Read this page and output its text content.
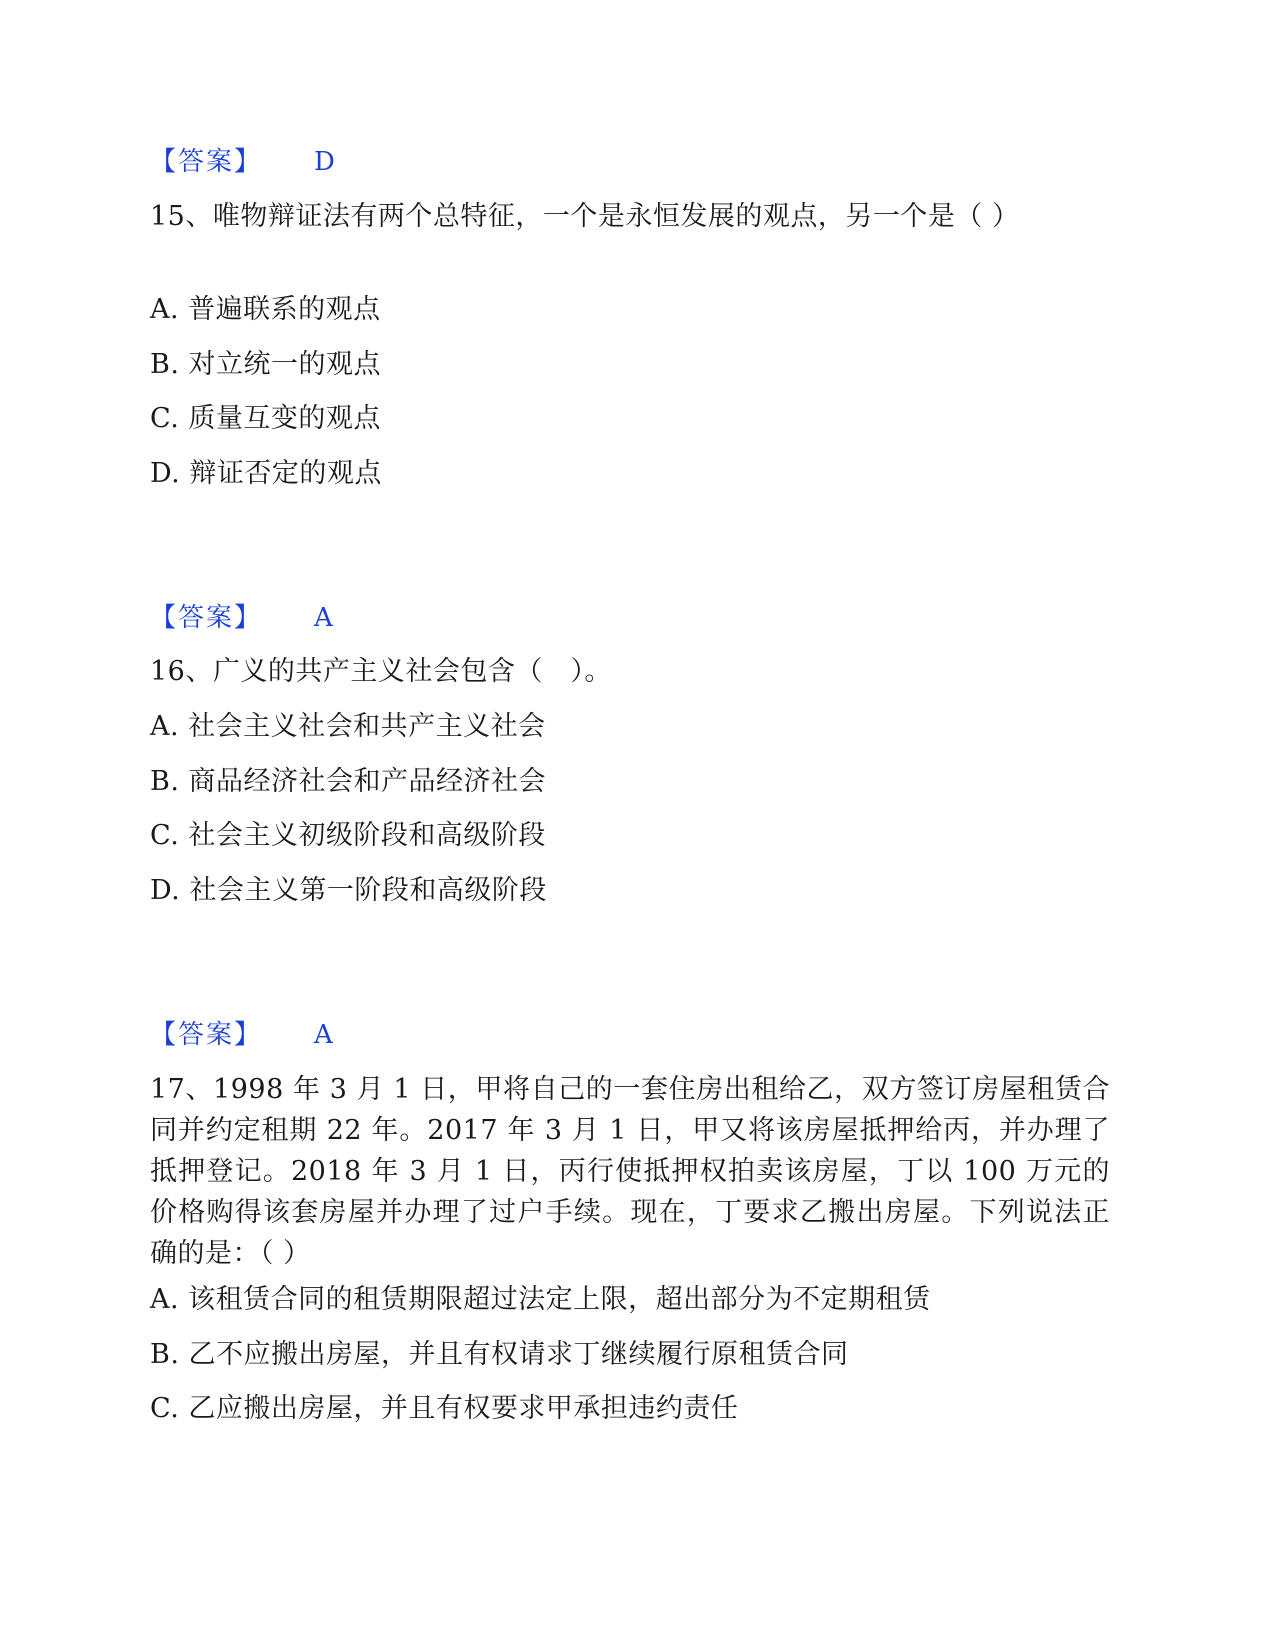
【答案】 D
15、唯物辩证法有两个总特征，一个是永恒发展的观点，另一个是（ ）
A. 普遍联系的观点
B. 对立统一的观点
C. 质量互变的观点
D. 辩证否定的观点
【答案】 A
16、广义的共产主义社会包含（　）。
A. 社会主义社会和共产主义社会
B. 商品经济社会和产品经济社会
C. 社会主义初级阶段和高级阶段
D. 社会主义第一阶段和高级阶段
【答案】 A
17、1998 年 3 月 1 日，甲将自己的一套住房出租给乙，双方签订房屋租赁合同并约定租期 22 年。2017 年 3 月 1 日，甲又将该房屋抵押给丙，并办理了抵押登记。2018 年 3 月 1 日，丙行使抵押权拍卖该房屋，丁以 100 万元的价格购得该套房屋并办理了过户手续。现在，丁要求乙搬出房屋。下列说法正确的是：（ ）
A. 该租赁合同的租赁期限超过法定上限，超出部分为不定期租赁
B. 乙不应搬出房屋，并且有权请求丁继续履行原租赁合同
C. 乙应搬出房屋，并且有权要求甲承担违约责任
